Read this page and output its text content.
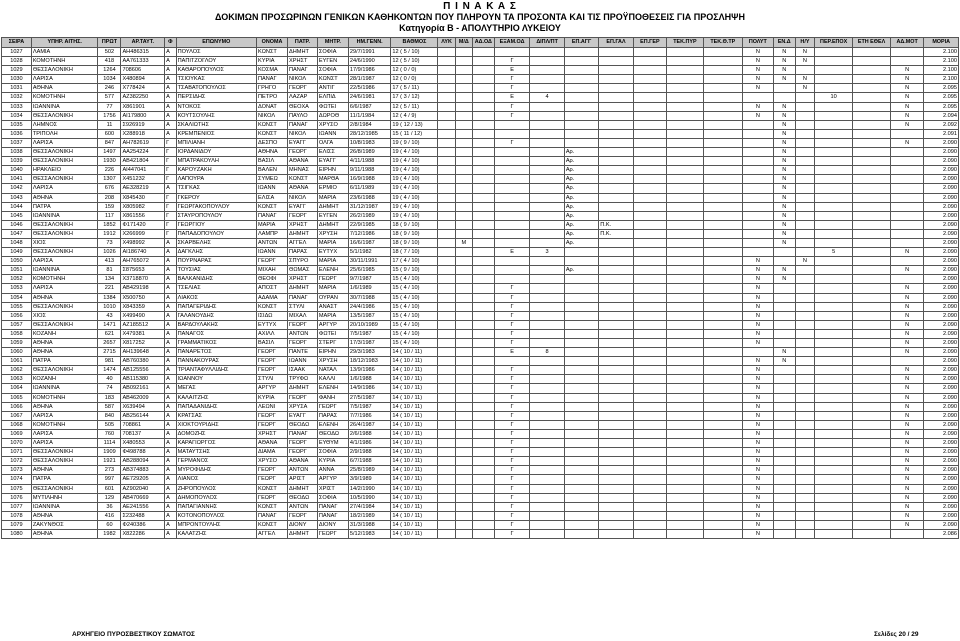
Π Ι Ν Α Κ Α Σ
ΔΟΚΙΜΩΝ ΠΡΟΣΩΡΙΝΩΝ ΓΕΝΙΚΩΝ ΚΑΘΗΚΟΝΤΩΝ ΠΟΥ ΠΛΗΡΟΥΝ ΤΑ ΠΡΟΣΟΝΤΑ ΚΑΙ ΤΙΣ ΠΡΟΫΠΟΘΕΣΕΙΣ ΓΙΑ ΠΡΟΣΛΗΨΗ
Κατηγορία Β - ΑΠΟΛΥΤΗΡΙΟ ΛΥΚΕΙΟΥ
ΣΕΙΡΑ	ΥΠΗΡ. ΑΙΤΗΣ.	ΠΡΩΤ	ΑΡ.ΤΑΥΤ.	Φ	ΕΠΩΝΥΜΟ	ΟΝΟΜΑ	ΠΑΤΡ.	ΜΗΤΡ.	ΗΜ.ΓΕΝΝ.	ΒΑΘΜΟΣ	ΛΥΚ	Μ/Δ	ΑΔ.ΟΔ	ΕΞΑΜ.ΟΔ	ΔΙΠΛ/ΠΤ	ΕΠ.ΑΓΓ	ΕΠ.ΓΑΛ	ΕΠ.ΓΕΡ	ΤΕΚ.ΠΥΡ	ΤΕΚ.Θ.ΤΡ	ΠΟΛΥΤ	ΕΝ.Δ	Η/Υ	ΠΕΡ.ΕΠΟΧ	ΕΤΗ ΕΘΕΛ	ΑΔ.ΜΟΤ	ΜΟΡΙΑ
1027	ΛΑΜΙΑ	502	ΑΗ486315	Α	ΠΟΥΛΟΣ	ΚΩΝΣΤ	ΔΗΜΗΤ	ΣΟΦΙΑ	29/7/1991	12 ( 5 / 10)											N	N	N				2.100
1028	ΚΟΜΟΤΗΝΗ	418	ΑΑ761333	Α	ΠΑΠΙΤΖΟΓΛΟΥ	ΚΥΡΙΑ	ΧΡΗΣΤ	ΕΥΓΕΝ	24/6/1990	12 ( 5 / 10)				Γ							N	N	N				2.100
1029	ΘΕΣΣΑΛΟΝΙΚΗ	1264	708606	Α	ΚΑΘΑΡΟΠΟΥΛΟΣ	ΚΟΣΜΑ	ΠΑΝΑΓ	ΣΟΦΙΑ	17/9/1986	12 ( 0 / 0)				Ε							N	N				N	2.100
1030	ΛΑΡΙΣΑ	1034	Χ480894	Α	ΤΣΙΟΥΚΑΣ	ΠΑΝΑΓ	ΝΙΚΟΛ	ΚΩΝΣΤ	28/1/1987	12 ( 0 / 0)				Γ							N	N	N			N	2.100
1031	ΑΘΗΝΑ	246	Χ778424	Α	ΤΣΑΒΑΤΟΠΟΥΛΟΣ	ΓΡΗΓΟ	ΓΕΩΡΓ	ΑΝΤΙΓ	22/5/1986	17 ( 5 / 11)				Γ							N		N			N	2.095
1032	ΚΟΜΟΤΗΝΗ	577	ΑΖ382250	Α	ΠΕΡΣΙΔΗΣ	ΠΕΤΡΟ	ΛΑΖΑΡ	ΕΛΠΙΔ	24/6/1981	17 ( 3 / 12)				Ε	4									10		N	2.095
1033	ΙΩΑΝΝΙΝΑ	77	Χ861901	Α	ΝΤΟΚΟΣ	ΔΟΝΑΤ	ΘΕΟΧΑ	ΦΩΤΕΙ	6/6/1987	12 ( 5 / 11)				Γ							N	N				N	2.095
1034	ΘΕΣΣΑΛΟΝΙΚΗ	1756	ΑΙ179800	Α	ΚΟΥΤΣΟΥΛΗΣ	ΝΙΚΟΛ	ΠΑΥΛΟ	ΔΩΡΟΘ	11/1/1984	12 ( 4 / 9)				Γ							N	N				N	2.094
1035	ΛΗΜΝΟΣ	11	Σ926919	Α	ΣΚΑΛΙΩΤΗΣ	ΚΩΝΣΤ	ΠΑΝΑΓ	ΧΡΥΣΟ	2/8/1984	19 ( 12 / 13)												N				N	2.092
1036	ΤΡΙΠΟΛΗ	600	Χ288918	Α	ΚΡΕΜΠΕΝΙΟΣ	ΚΩΝΣΤ	ΝΙΚΟΛ	ΙΩΑΝΝ	28/12/1985	15 ( 11 / 12)												N					2.091
1037	ΛΑΡΙΣΑ	847	ΑΗ782619	Γ	ΜΠΙΛΙΑΝΗ	ΔΕΣΠΟ	ΕΥΑΓΓ	ΟΛΓΑ	10/8/1983	19 ( 9 / 10)				Γ								N				N	2.090
1038	ΘΕΣΣΑΛΟΝΙΚΗ	1497	ΑΑ254224	Γ	ΙΟΡΔΑΝΙΔΟΥ	ΑΘΗΝΑ	ΓΕΩΡΓ	ΕΛΙΣΣ	26/8/1989	19 ( 4 / 10)						Αρ.						N					2.090
1039	ΘΕΣΣΑΛΟΝΙΚΗ	1930	ΑΒ421804	Γ	ΜΠΑΤΡΑΚΟΥΛΗ	ΒΑΣΙΛ	ΑΘΑΝΑ	ΕΥΑΓΓ	4/11/1988	19 ( 4 / 10)						Αρ.						N					2.090
1040	ΗΡΑΚΛΕΙΟ	226	ΑΙ447041	Γ	ΚΑΡΟΥΖΑΚΗ	ΒΑΛΕΝ	ΜΗΝΑΣ	ΕΙΡΗΝ	9/11/1988	19 ( 4 / 10)						Αρ.						N					2.090
1041	ΘΕΣΣΑΛΟΝΙΚΗ	1307	Χ451232	Γ	ΛΑΠΟΥΡΑ	ΣΥΜΕΩ	ΚΩΝΣΤ	ΜΑΡΘΑ	16/9/1988	19 ( 4 / 10)						Αρ.						N					2.090
1042	ΛΑΡΙΣΑ	676	ΑΕ328219	Α	ΤΣΙΓΚΑΣ	ΙΩΑΝΝ	ΑΘΑΝΑ	ΕΡΜΙΟ	6/11/1989	19 ( 4 / 10)						Αρ.						N					2.090
1043	ΑΘΗΝΑ	208	Χ845430	Γ	ΓΚΕΡΟΥ	ΕΛΙΣΑ	ΝΙΚΟΛ	ΜΑΡΙΑ	23/6/1988	19 ( 4 / 10)						Αρ.						N					2.090
1044	ΠΑΤΡΑ	159	Χ805982	Γ	ΓΕΩΡΓΑΚΟΠΟΥΛΟΥ	ΚΩΝΣΤ	ΕΥΑΓΓ	ΔΗΜΗΤ	31/12/1987	19 ( 4 / 10)						Αρ.						N					2.090
1045	ΙΩΑΝΝΙΝΑ	117	Χ861556	Γ	ΣΤΑΥΡΟΠΟΥΛΟΥ	ΠΑΝΑΓ	ΓΕΩΡΓ	ΕΥΓΕΝ	26/2/1989	19 ( 4 / 10)						Αρ.						N					2.090
1046	ΘΕΣΣΑΛΟΝΙΚΗ	1852	Φ171420	Γ	ΓΕΩΡΓΙΟΥ	ΜΑΡΙΑ	ΧΡΗΣΤ	ΔΗΜΗΤ	22/9/1985	18 ( 9 / 10)						Αρ.	Π.Κ.					N					2.090
1047	ΘΕΣΣΑΛΟΝΙΚΗ	1912	Χ266999	Γ	ΠΑΠΑΔΟΠΟΥΛΟΥ	ΛΑΜΠΡ	ΔΗΜΗΤ	ΧΡΥΣΗ	7/12/1986	18 ( 9 / 10)						Αρ.	Π.Κ.					N					2.090
1048	ΧΙΟΣ	73	Χ498992	Α	ΣΚΑΡΒΕΛΗΣ	ΑΝΤΩΝ	ΑΓΓΕΛ	ΜΑΡΙΑ	16/6/1987	18 ( 9 / 10)		Μ				Αρ.						N					2.090
1049	ΘΕΣΣΑΛΟΝΙΚΗ	1026	ΑΙ186740	Α	ΔΑΓΚΛΗΣ	ΙΩΑΝΝ	ΠΑΡΑΣ	ΕΥΤΥΧ	5/1/1982	18 ( 7 / 10)				Ε	3									5		N	2.090
1050	ΛΑΡΙΣΑ	413	ΑΗ765072	Α	ΠΟΥΡΝΑΡΑΣ	ΓΕΩΡΓ	ΣΠΥΡΟ	ΜΑΡΙΑ	30/11/1991	17 ( 4 / 10)											N		N				2.090
1051	ΙΩΑΝΝΙΝΑ	81	Σ875653	Α	ΤΟΥΣΙΑΣ	ΜΙΧΑΗ	ΘΩΜΑΣ	ΕΛΕΝΗ	25/6/1985	15 ( 9 / 10)						Αρ.					N	N				N	2.090
1052	ΚΟΜΟΤΗΝΗ	134	Χ3718870	Α	ΒΑΛΚΑΝΙΔΗΣ	ΘΕΟΦΙ	ΧΡΗΣΤ	ΓΕΩΡΓ	9/7/1987	15 ( 4 / 10)											N	N					2.090
1053	ΛΑΡΙΣΑ	221	ΑΒ429198	Α	ΤΣΕΛΙΑΣ	ΑΠΟΣΤ	ΔΗΜΗΤ	ΜΑΡΙΑ	1/6/1989	15 ( 4 / 10)				Γ							N					N	2.090
1054	ΑΘΗΝΑ	1384	Χ500750	Α	ΛΙΑΚΟΣ	ΑΔΑΜΑ	ΠΑΝΑΓ	ΟΥΡΑΝ	30/7/1988	15 ( 4 / 10)				Γ							N					N	2.090
1055	ΘΕΣΣΑΛΟΝΙΚΗ	1010	Χ843359	Α	ΠΑΠΑΓΕΡΙΔΗΣ	ΚΩΝΣΤ	ΣΤΥΛΙ	ΑΝΑΣΤ	24/4/1986	15 ( 4 / 10)				Γ							N					N	2.090
1056	ΧΙΟΣ	43	Χ499490	Α	ΓΑΛΑΝΟΥΔΗΣ	ΙΣΙΔΩ	ΜΙΧΑΛ	ΜΑΡΙΑ	13/5/1987	15 ( 4 / 10)				Γ							N					N	2.090
1057	ΘΕΣΣΑΛΟΝΙΚΗ	1471	ΑΖ185512	Α	ΒΑΡΔΟΥΛΑΚΗΣ	ΕΥΤΥΧ	ΓΕΩΡΓ	ΑΡΓΥΡ	20/10/1989	15 ( 4 / 10)				Γ							N					N	2.090
1058	ΚΟΖΑΝΗ	621	Χ479381	Α	ΠΑΝΑΓΟΣ	ΑΧΙΛΛ	ΑΝΤΩΝ	ΦΩΤΕΙ	7/5/1987	15 ( 4 / 10)				Γ							N					N	2.090
1059	ΑΘΗΝΑ	2657	Χ817252	Α	ΓΡΑΜΜΑΤΙΚΟΣ	ΒΑΣΙΛ	ΓΕΩΡΓ	ΣΤΕΡΓ	17/3/1987	15 ( 4 / 10)				Γ							N					N	2.090
1060	ΑΘΗΝΑ	2715	ΑΗ139648	Α	ΠΑΝΑΡΕΤΟΣ	ΓΕΩΡΓ	ΠΑΝΤΕ	ΕΙΡΗΝ	29/3/1983	14 ( 10 / 11)				Ε	8							N				N	2.090
1061	ΠΑΤΡΑ	981	ΑΒ760380	Α	ΠΑΝΝΑΚΟΥΡΑΣ	ΓΕΩΡΓ	ΙΩΑΝΝ	ΧΡΥΣΗ	18/12/1983	14 ( 10 / 11)											N	N					2.090
1062	ΘΕΣΣΑΛΟΝΙΚΗ	1474	ΑΒ125556	Α	ΤΡΙΑΝΤΑΦΥΛΛΙΔΗΣ	ΓΕΩΡΓ	ΙΣΑΑΚ	ΝΑΤΑΛ	13/9/1986	14 ( 10 / 11)				Γ							N					N	2.090
1063	ΚΟΖΑΝΗ	40	ΑΒ115380	Α	ΙΩΑΝΝΟΥ	ΣΤΥΛΙ	ΤΡΥΦΩ	ΚΑΛΛΙ	1/6/1988	14 ( 10 / 11)				Γ							N					N	2.090
1064	ΙΩΑΝΝΙΝΑ	74	ΑΒ092161	Α	ΜΕΓΑΣ	ΑΡΓΥΡ	ΔΗΜΗΤ	ΕΛΕΝΗ	14/9/1986	14 ( 10 / 11)				Γ							N					N	2.090
1065	ΚΟΜΟΤΗΝΗ	183	ΑΒ462009	Α	ΚΑΛΑΙΤΖΗΣ	ΚΥΡΙΑ	ΓΕΩΡΓ	ΦΑΝΗ	27/5/1987	14 ( 10 / 11)				Γ							N					N	2.090
1066	ΑΘΗΝΑ	587	Χ639494	Α	ΠΑΠΑΔΑΝΙΔΗΣ	ΛΕΩΝΙ	ΧΡΥΣΑ	ΓΕΩΡΓ	7/5/1987	14 ( 10 / 11)				Γ							N					N	2.090
1067	ΛΑΡΙΣΑ	840	ΑΒ256144	Α	ΚΡΑΤΣΑΣ	ΓΕΩΡΓ	ΕΥΑΓΓ	ΠΑΡΑΣ	7/7/1986	14 ( 10 / 11)				Γ							N					N	2.090
1068	ΚΟΜΟΤΗΝΗ	505	708861	Α	ΧΙΟΚΤΟΥΡΙΔΗΣ	ΓΕΩΡΓ	ΘΕΟΔΩ	ΕΛΕΝΗ	26/4/1987	14 ( 10 / 11)				Γ							N					N	2.090
1069	ΛΑΡΙΣΑ	760	708137	Α	ΔΟΜΟΖΗΣ	ΧΡΗΣΤ	ΠΑΝΑΓ	ΘΕΟΔΩ	2/6/1988	14 ( 10 / 11)				Γ							N					N	2.090
1070	ΛΑΡΙΣΑ	1114	Χ480553	Α	ΚΑΡΑΓΙΩΡΓΟΣ	ΑΘΑΝΑ	ΓΕΩΡΓ	ΕΥΘΥΜ	4/1/1986	14 ( 10 / 11)				Γ							N					N	2.090
1071	ΘΕΣΣΑΛΟΝΙΚΗ	1909	Φ498788	Α	ΜΑΤΑΥΤΣΗΣ	ΔΙΑΜΑ	ΓΕΩΡΓ	ΣΟΦΙΑ	2/9/1988	14 ( 10 / 11)				Γ							N					N	2.090
1072	ΘΕΣΣΑΛΟΝΙΚΗ	1921	ΑΒ288094	Α	ΓΕΡΜΑΝΟΣ	ΧΡΥΣΟ	ΑΘΑΝΑ	ΚΥΡΙΑ	6/7/1988	14 ( 10 / 11)				Γ							N					N	2.090
1073	ΑΘΗΝΑ	273	ΑΒ374883	Α	ΜΥΡΟΦΙΔΗΣ	ΓΕΩΡΓ	ΑΝΤΩΝ	ΑΝΝΑ	25/8/1989	14 ( 10 / 11)				Γ							N					N	2.090
1074	ΠΑΤΡΑ	997	ΑΕ729205	Α	ΛΙΑΝΟΣ	ΓΕΩΡΓ	ΑΡΙΣΤ	ΑΡΓΥΡ	3/9/1989	14 ( 10 / 11)				Γ							N					N	2.090
1075	ΘΕΣΣΑΛΟΝΙΚΗ	601	ΑΖ902040	Α	ΖΗΡΟΠΟΥΛΟΣ	ΚΩΝΣΤ	ΔΗΜΗΤ	ΧΡΙΣΤ	14/2/1990	14 ( 10 / 11)				Γ							N					N	2.090
1076	ΜΥΤΙΛΗΝΗ	129	ΑΒ470669	Α	ΔΗΜΟΠΟΥΛΟΣ	ΓΕΩΡΓ	ΘΕΟΔΩ	ΣΟΦΙΑ	10/5/1990	14 ( 10 / 11)				Γ							N					N	2.090
1077	ΙΩΑΝΝΙΝΑ	36	ΑΕ241556	Α	ΠΑΠΑΓΙΑΝΝΗΣ	ΚΩΝΣΤ	ΑΝΤΩΝ	ΠΑΝΑΓ	27/4/1984	14 ( 10 / 11)				Γ							N					N	2.090
1078	ΑΘΗΝΑ	416	Σ232488	Α	ΚΟΤΟΝΟΠΟΥΛΟΣ	ΠΑΝΑΓ	ΓΕΩΡΓ	ΠΑΝΑΓ	18/2/1989	14 ( 10 / 11)				Γ							N					N	2.090
1079	ΖΑΚΥΝΘΟΣ	60	Φ240386	Α	ΜΠΡΟΝΤΟΥΛΗΣ	ΚΩΝΣΤ	ΔΙΟΝΥ	ΔΙΟΝΥ	31/3/1988	14 ( 10 / 11)				Γ							N					N	2.090
1080	ΑΘΗΝΑ	1982	Χ822286	Α	ΚΑΛΑΤΖΗΣ	ΑΓΓΕΛ	ΔΗΜΗΤ	ΓΕΩΡΓ	5/12/1983	14 ( 10 / 11)				Γ							N						2.086
ΑΡΧΗΓΕΙΟ ΠΥΡΟΣΒΕΣΤΙΚΟΥ ΣΩΜΑΤΟΣ	Σελίδες 20 / 29
